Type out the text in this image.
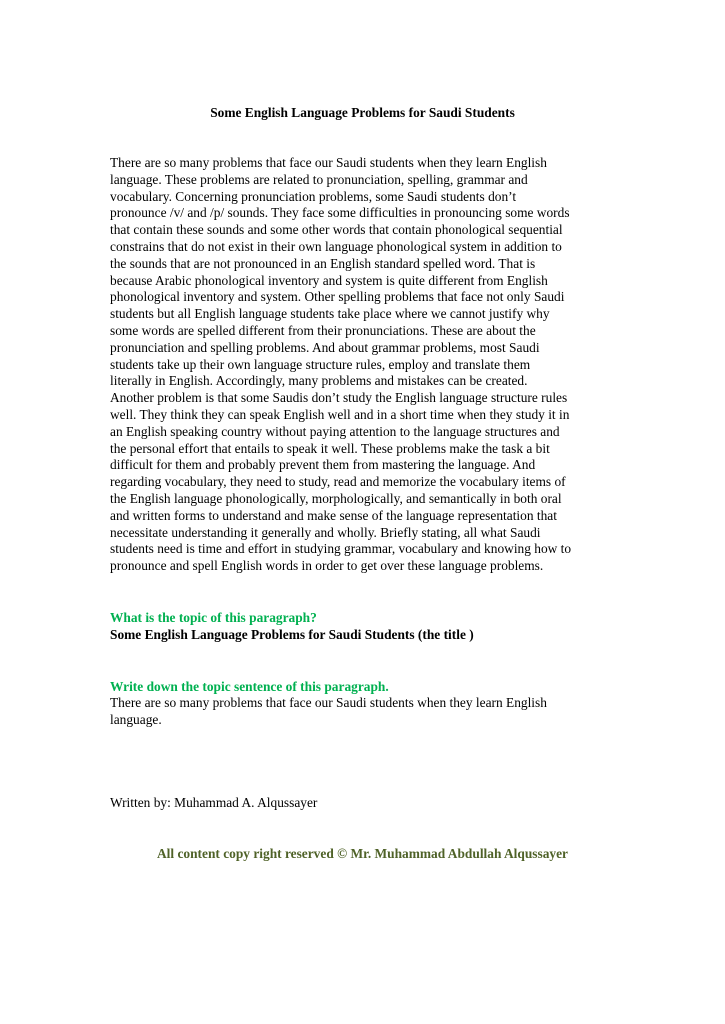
Some English Language Problems for Saudi Students

There are so many problems that face our Saudi students when they learn English
language. These problems are related to pronunciation, spelling, grammar and
vocabulary. Concerning pronunciation problems, some Saudi students don’t
pronounce /v/ and /p/ sounds. They face some difficulties in pronouncing some words
that contain these sounds and some other words that contain phonological sequential
constrains that do not exist in their own language phonological system in addition to
the sounds that are not pronounced in an English standard spelled word. That is
because Arabic phonological inventory and system is quite different from English
phonological inventory and system. Other spelling problems that face not only Saudi
students but all English language students take place where we cannot justify why
some words are spelled different from their pronunciations. These are about the
pronunciation and spelling problems. And about grammar problems, most Saudi
students take up their own language structure rules, employ and translate them
literally in English. Accordingly, many problems and mistakes can be created.
Another problem is that some Saudis don’t study the English language structure rules
well. They think they can speak English well and in a short time when they study it in
an English speaking country without paying attention to the language structures and
the personal effort that entails to speak it well. These problems make the task a bit
difficult for them and probably prevent them from mastering the language. And
regarding vocabulary, they need to study, read and memorize the vocabulary items of
the English language phonologically, morphologically, and semantically in both oral
and written forms to understand and make sense of the language representation that
necessitate understanding it generally and wholly. Briefly stating, all what Saudi
students need is time and effort in studying grammar, vocabulary and knowing how to
pronounce and spell English words in order to get over these language problems.

What is the topic of this paragraph?

Some English Language Problems for Saudi Students (the title )

Write down the topic sentence of this paragraph.

There are so many problems that face our Saudi students when they learn English
language.

Written by: Muhammad A. Alqussayer

All content copy right reserved © Mr. Muhammad Abdullah Alqussayer
